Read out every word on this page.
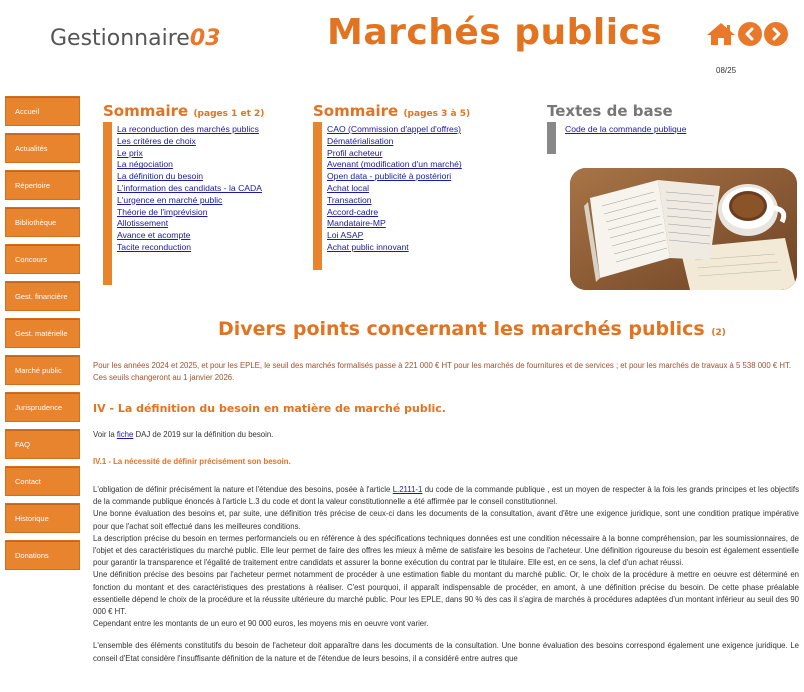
Gestionnaire03	Marchés publics
08/25
Accueil
Actualités
Répertoire
Bibliothèque
Concours
Gest. financière
Gest. matérielle
Marché public
Jurisprudence
FAQ
Contact
Historique
Donations
Sommaire (pages 1 et 2)
La reconduction des marchés publics
Les critères de choix
Le prix
La négociation
La définition du besoin
L'information des candidats - la CADA
L'urgence en marché public
Théorie de l'imprévision
Allotissement
Avance et acompte
Tacite reconduction
Sommaire (pages 3 à 5)
CAO (Commission d'appel d'offres)
Dématérialisation
Profil acheteur
Avenant (modification d'un marché)
Open data - publicité à postériori
Achat local
Transaction
Accord-cadre
Mandataire-MP
Loi ASAP
Achat public innovant
Textes de base
Code de la commande publique
Divers points concernant les marchés publics (2)
Pour les années 2024 et 2025, et pour les EPLE, le seuil des marchés formalisés passe à 221 000 € HT pour les marchés de fournitures et de services ; et pour les marchés de travaux à 5 538 000 € HT. Ces seuils changeront au 1 janvier 2026.
IV - La définition du besoin en matière de marché public.
Voir la fiche DAJ de 2019 sur la définition du besoin.
IV.1 - La nécessité de définir précisément son besoin.

L'obligation de définir précisément la nature et l'étendue des besoins, posée à l'article L.2111-1 du code de la commande publique , est un moyen de respecter à la fois les grands principes et les objectifs de la commande publique énoncés à l'article L.3 du code et dont la valeur constitutionnelle a été affirmée par le conseil constitutionnel.

Une bonne évaluation des besoins et, par suite, une définition très précise de ceux-ci dans les documents de la consultation, avant d'être une exigence juridique, sont une condition pratique impérative pour que l'achat soit effectué dans les meilleures conditions.

La description précise du besoin en termes performanciels ou en référence à des spécifications techniques données est une condition nécessaire à la bonne compréhension, par les soumissionnaires, de l'objet et des caractéristiques du marché public. Elle leur permet de faire des offres les mieux à même de satisfaire les besoins de l'acheteur. Une définition rigoureuse du besoin est également essentielle pour garantir la transparence et l'égalité de traitement entre candidats et assurer la bonne exécution du contrat par le titulaire. Elle est, en ce sens, la clef d'un achat réussi.

Une définition précise des besoins par l'acheteur permet notamment de procéder à une estimation fiable du montant du marché public. Or, le choix de la procédure à mettre en oeuvre est déterminé en fonction du montant et des caractéristiques des prestations à réaliser. C'est pourquoi, il apparaît indispensable de procéder, en amont, à une définition précise du besoin. De cette phase préalable essentielle dépend le choix de la procédure et la réussite ultérieure du marché public. Pour les EPLE, dans 90 % des cas il s'agira de marchés à procédures adaptées d'un montant inférieur au seuil des 90 000 € HT.

Cependant entre les montants de un euro et 90 000 euros, les moyens mis en oeuvre vont varier.

L'ensemble des éléments constitutifs du besoin de l'acheteur doit apparaître dans les documents de la consultation. Une bonne évaluation des besoins correspond également une exigence juridique. Le conseil d'Etat considère l'insuffisante définition de la nature et de l'étendue de leurs besoins, il a considéré entre autres que
